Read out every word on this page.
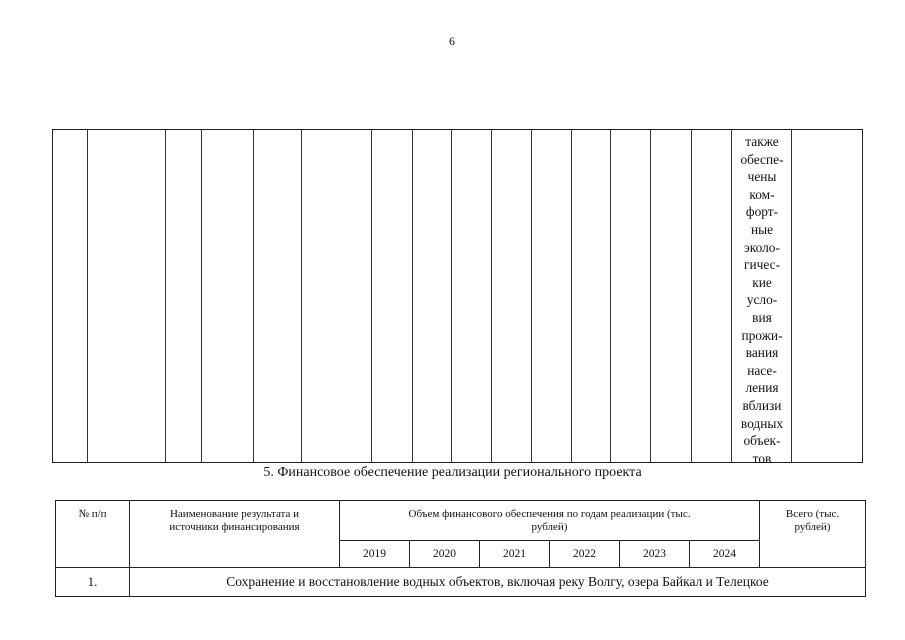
6
также
обеспе-
чены
ком-
форт-
ные
эколо-
гичес-
кие
усло-
вия
прожи-
вания
насе-
ления
вблизи
водных
объек-
тов
5. Финансовое обеспечение реализации регионального проекта
№ п/п	Наименование результата и источники финансирования	Объем финансового обеспечения по годам реализации (тыс. рублей)						Всего (тыс. рублей)
		2019	2020	2021	2022	2023	2024	
1.	Сохранение и восстановление водных объектов, включая реку Волгу, озера Байкал и Телецкое							
